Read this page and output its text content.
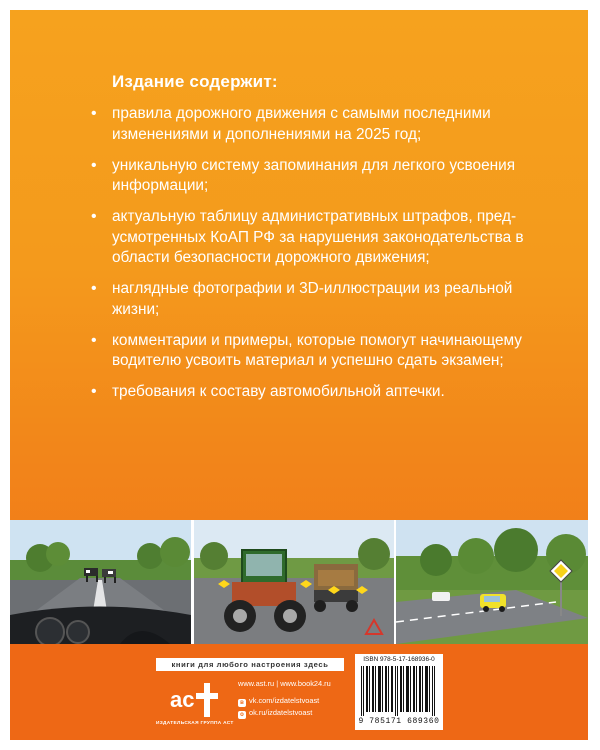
Издание содержит:
• правила дорожного движения с самыми последними изменениями и дополнениями на 2025 год;
• уникальную систему запоминания для легкого усвоения информации;
• актуальную таблицу административных штрафов, пред-усмотренных КоАП РФ за нарушения законодательства в области безопасности дорожного движения;
• наглядные фотографии и 3D-иллюстрации из реальной жизни;
• комментарии и примеры, которые помогут начинающему водителю усвоить материал и успешно сдать экзамен;
• требования к составу автомобильной аптечки.
книги для любого настроения здесь
ac
ИЗДАТЕЛЬСКАЯ ГРУППА АСТ
www.ast.ru | www.book24.ru
в vk.com/izdatelstvoast
о ok.ru/izdatelstvoast
ISBN 978-5-17-168936-0
9 785171 689360
